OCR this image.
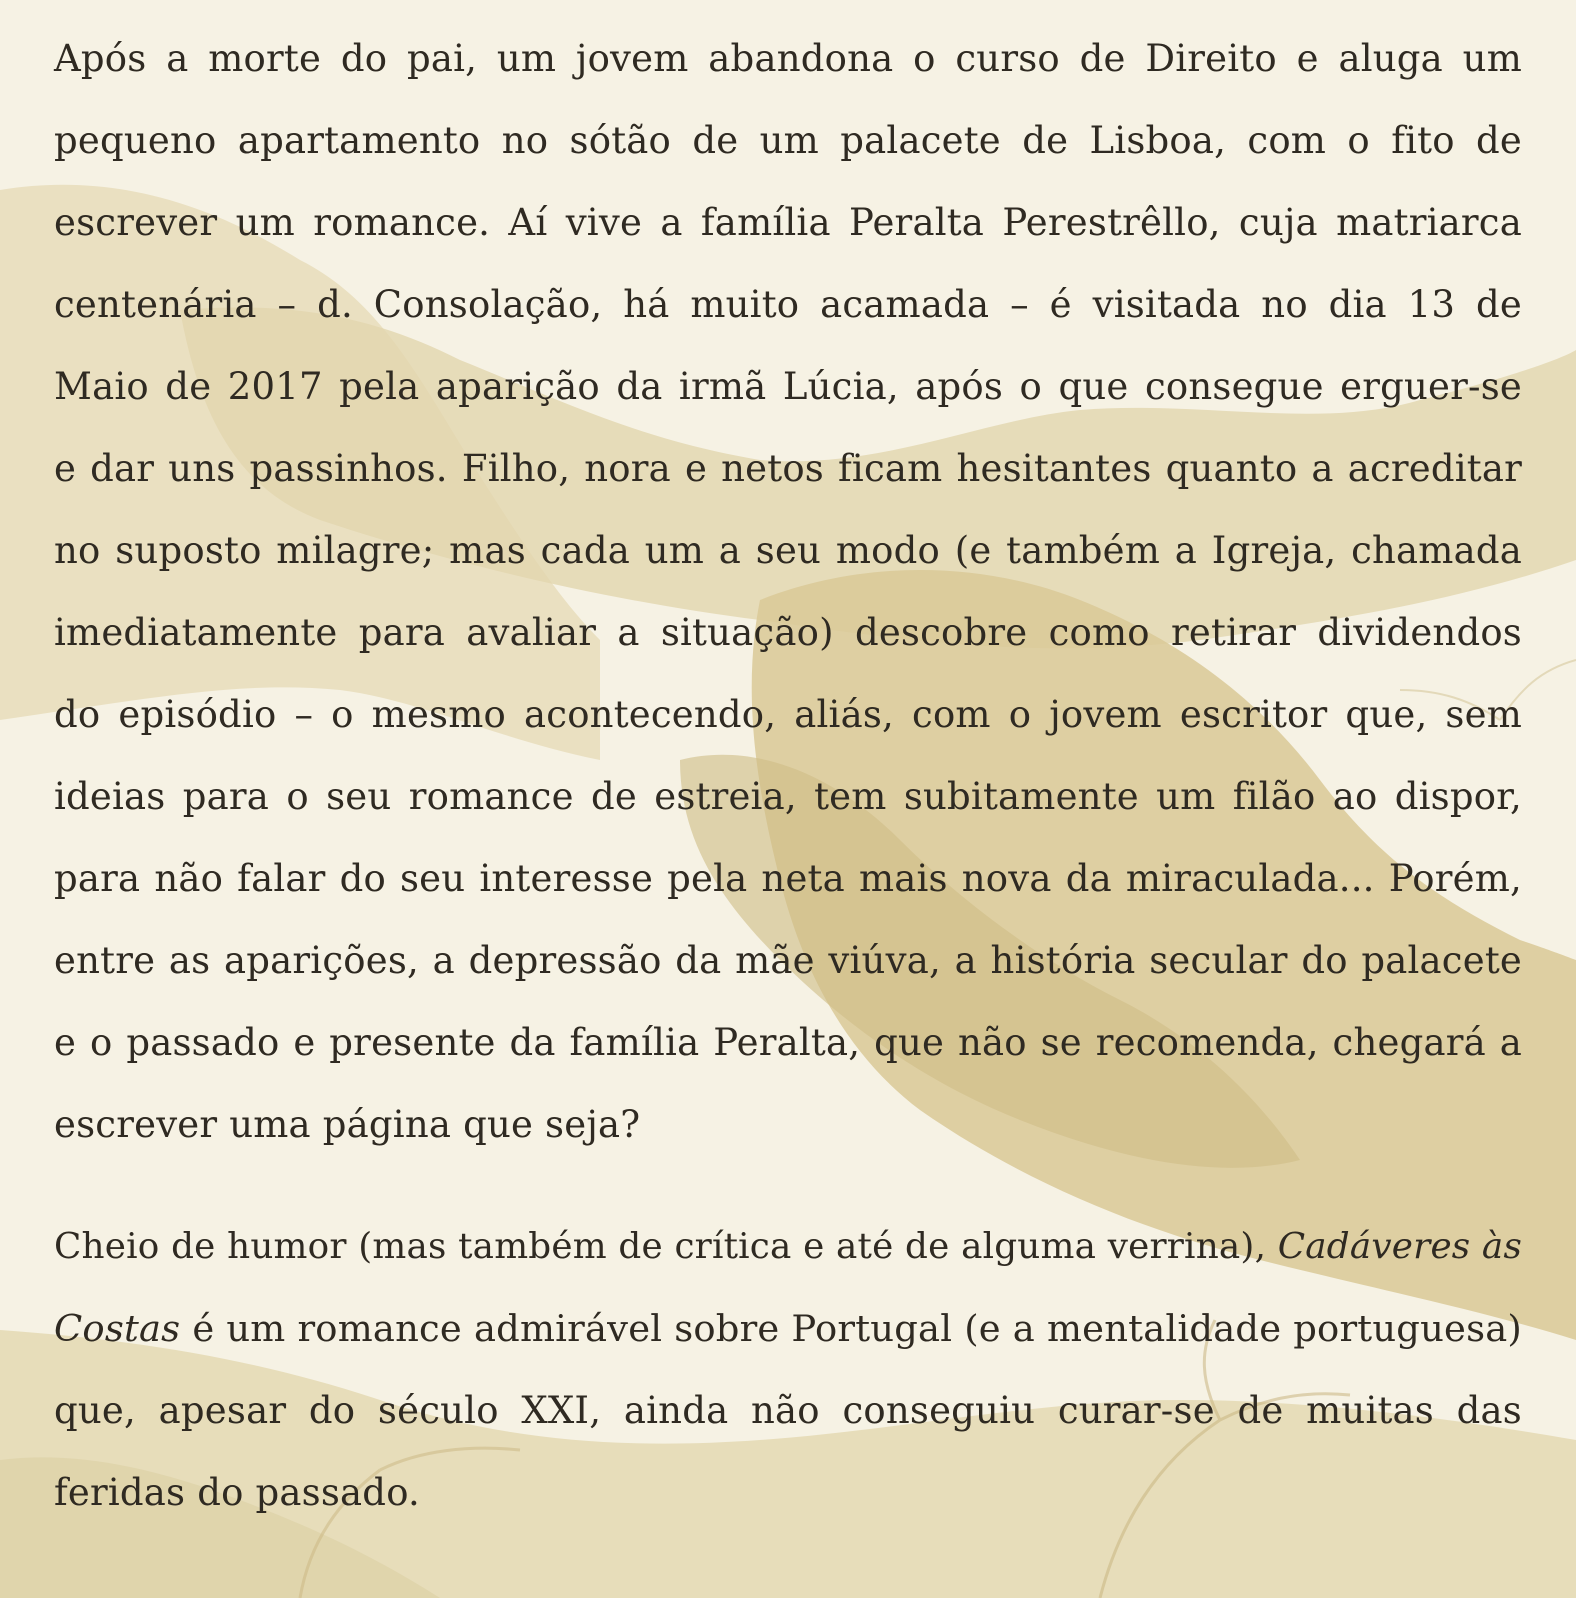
Após a morte do pai, um jovem abandona o curso de Direito e aluga um
pequeno apartamento no sótão de um palacete de Lisboa, com o fito de
escrever um romance. Aí vive a família Peralta Perestrêllo, cuja matriarca
centenária – d. Consolação, há muito acamada – é visitada no dia 13 de
Maio de 2017 pela aparição da irmã Lúcia, após o que consegue erguer-se
e dar uns passinhos. Filho, nora e netos ficam hesitantes quanto a acreditar
no suposto milagre; mas cada um a seu modo (e também a Igreja, chamada
imediatamente para avaliar a situação) descobre como retirar dividendos
do episódio – o mesmo acontecendo, aliás, com o jovem escritor que, sem
ideias para o seu romance de estreia, tem subitamente um filão ao dispor,
para não falar do seu interesse pela neta mais nova da miraculada... Porém,
entre as aparições, a depressão da mãe viúva, a história secular do palacete
e o passado e presente da família Peralta, que não se recomenda, chegará a
escrever uma página que seja?
Cheio de humor (mas também de crítica e até de alguma verrina), Cadáveres às
Costas é um romance admirável sobre Portugal (e a mentalidade portuguesa)
que, apesar do século XXI, ainda não conseguiu curar-se de muitas das
feridas do passado.
